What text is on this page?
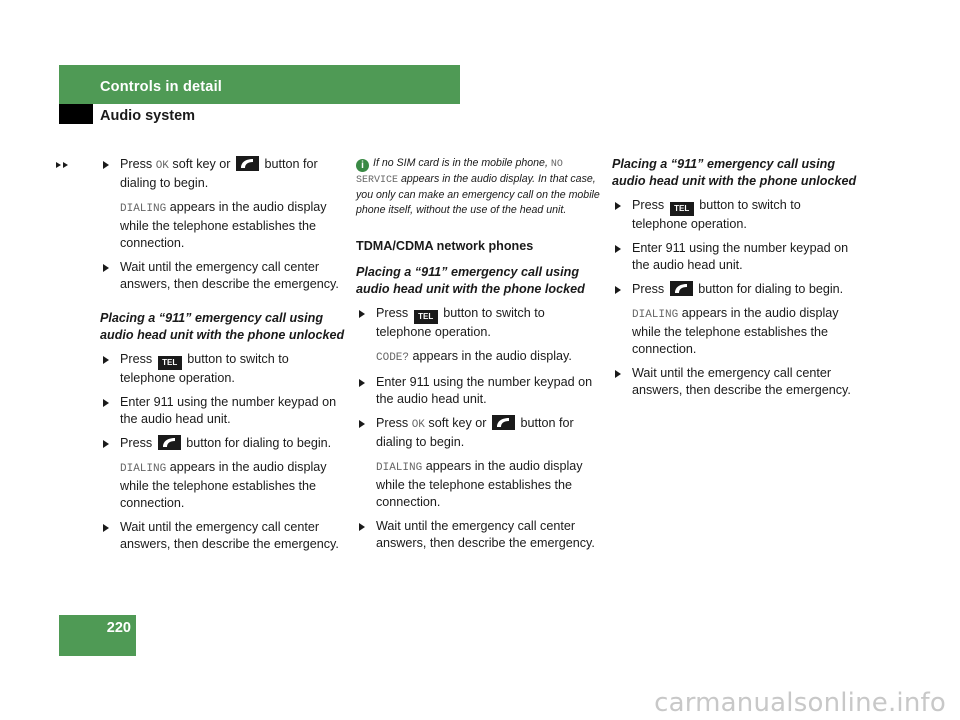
Controls in detail
Audio system
Press OK soft key or	button for dialing to begin.
DIALING appears in the audio display while the telephone establishes the connection.
Wait until the emergency call center answers, then describe the emergency.
Placing a “911” emergency call using audio head unit with the phone unlocked
Press TEL button to switch to telephone operation.
Enter 911 using the number keypad on the audio head unit.
Press	button for dialing to begin.
DIALING appears in the audio display while the telephone establishes the connection.
Wait until the emergency call center answers, then describe the emergency.
i If no SIM card is in the mobile phone, NO SERVICE appears in the audio display. In that case, you only can make an emergency call on the mobile phone itself, without the use of the head unit.
TDMA/CDMA network phones
Placing a “911” emergency call using audio head unit with the phone locked
Press TEL button to switch to telephone operation.
CODE? appears in the audio display.
Enter 911 using the number keypad on the audio head unit.
Press OK soft key or	button for dialing to begin.
DIALING appears in the audio display while the telephone establishes the connection.
Wait until the emergency call center answers, then describe the emergency.
Placing a “911” emergency call using audio head unit with the phone unlocked
Press TEL button to switch to telephone operation.
Enter 911 using the number keypad on the audio head unit.
Press	button for dialing to begin.
DIALING appears in the audio display while the telephone establishes the connection.
Wait until the emergency call center answers, then describe the emergency.
220
carmanualsonline.info
